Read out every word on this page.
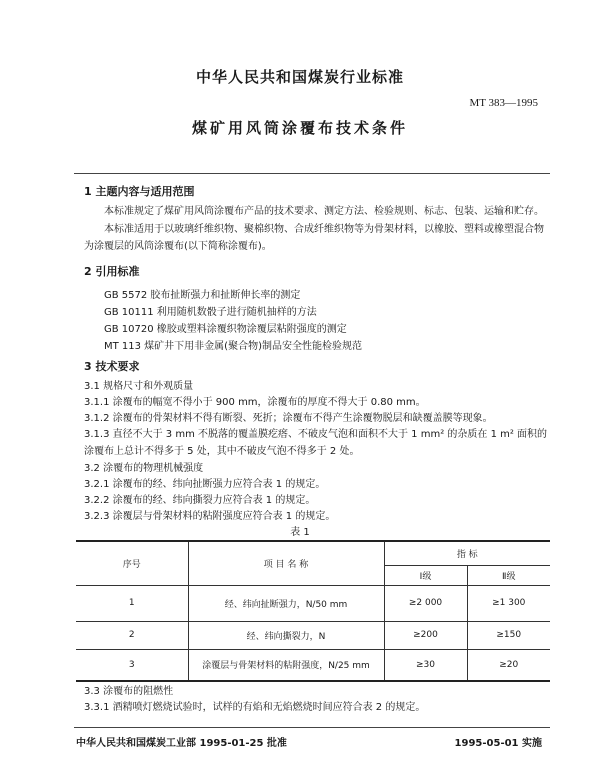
中华人民共和国煤炭行业标准
MT 383—1995
煤矿用风筒涂覆布技术条件
1 主题内容与适用范围
本标准规定了煤矿用风筒涂覆布产品的技术要求、测定方法、检验规则、标志、包装、运输和贮存。
本标准适用于以玻璃纤维织物、聚棉织物、合成纤维织物等为骨架材料，以橡胶、塑料或橡塑混合物为涂覆层的风筒涂覆布(以下简称涂覆布)。
2 引用标准
GB 5572 胶布扯断强力和扯断伸长率的测定
GB 10111 利用随机数骰子进行随机抽样的方法
GB 10720 橡胶或塑料涂覆织物涂覆层粘附强度的测定
MT 113 煤矿井下用非金属(聚合物)制品安全性能检验规范
3 技术要求
3.1 规格尺寸和外观质量
3.1.1 涂覆布的幅宽不得小于 900 mm，涂覆布的厚度不得大于 0.80 mm。
3.1.2 涂覆布的骨架材料不得有断裂、死折；涂覆布不得产生涂覆物脱层和缺覆盖膜等现象。
3.1.3 直径不大于 3 mm 不脱落的覆盖膜疙瘩、不破皮气泡和面积不大于 1 mm² 的杂质在 1 m² 面积的涂覆布上总计不得多于 5 处，其中不破皮气泡不得多于 2 处。
3.2 涂覆布的物理机械强度
3.2.1 涂覆布的经、纬向扯断强力应符合表 1 的规定。
3.2.2 涂覆布的经、纬向撕裂力应符合表 1 的规定。
3.2.3 涂覆层与骨架材料的粘附强度应符合表 1 的规定。
表 1
序号	项 目 名 称	指 标	
		Ⅰ级	Ⅱ级
1	经、纬向扯断强力，N/50 mm	≥2 000	≥1 300
2	经、纬向撕裂力，N	≥200	≥150
3	涂覆层与骨架材料的粘附强度，N/25 mm	≥30	≥20
3.3 涂覆布的阻燃性
3.3.1 酒精喷灯燃烧试验时，试样的有焰和无焰燃烧时间应符合表 2 的规定。
中华人民共和国煤炭工业部 1995-01-25 批准	1995-05-01 实施
